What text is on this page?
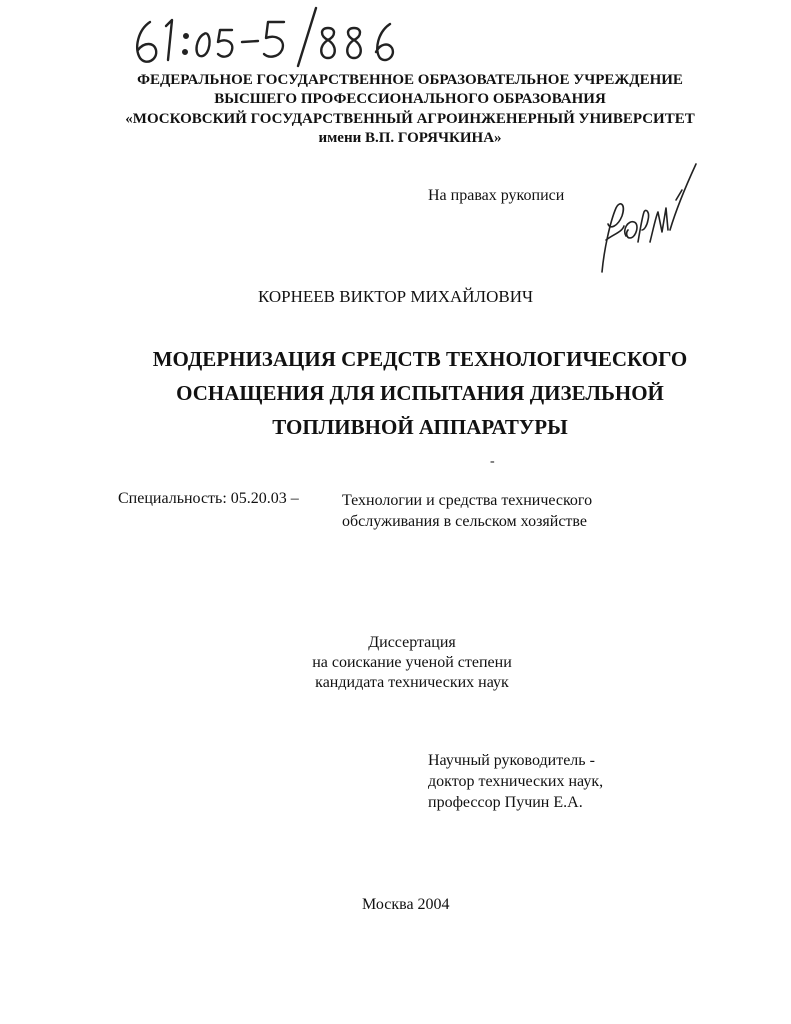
ФЕДЕРАЛЬНОЕ ГОСУДАРСТВЕННОЕ ОБРАЗОВАТЕЛЬНОЕ УЧРЕЖДЕНИЕ
ВЫСШЕГО ПРОФЕССИОНАЛЬНОГО ОБРАЗОВАНИЯ
«МОСКОВСКИЙ ГОСУДАРСТВЕННЫЙ АГРОИНЖЕНЕРНЫЙ УНИВЕРСИТЕТ
имени В.П. ГОРЯЧКИНА»
На правах рукописи
КОРНЕЕВ ВИКТОР МИХАЙЛОВИЧ
МОДЕРНИЗАЦИЯ СРЕДСТВ ТЕХНОЛОГИЧЕСКОГО
ОСНАЩЕНИЯ ДЛЯ ИСПЫТАНИЯ ДИЗЕЛЬНОЙ
ТОПЛИВНОЙ АППАРАТУРЫ
-
Специальность: 05.20.03 –	Технологии и средства технического
обслуживания в сельском хозяйстве
Диссертация
на соискание ученой степени
кандидата технических наук
Научный руководитель -
доктор технических наук,
профессор Пучин Е.А.
Москва 2004
